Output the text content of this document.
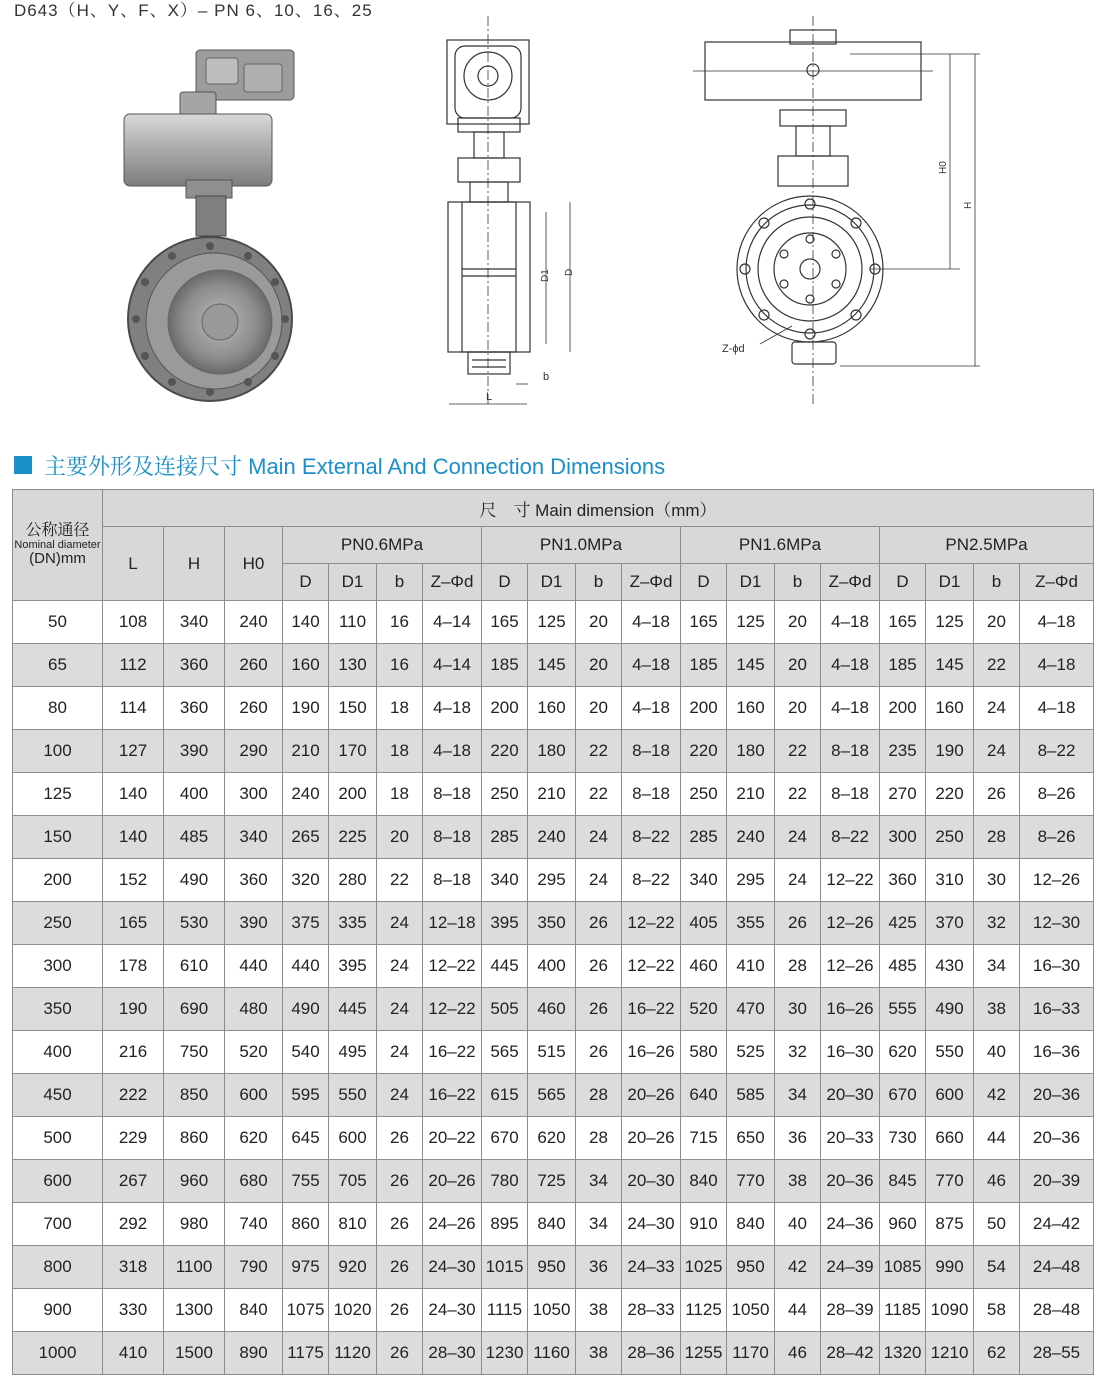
D643（H、Y、F、X）– PN 6、10、16、25
D1 D
b
L
H0
H
Z-ϕd
主要外形及连接尺寸 Main External And Connection Dimensions
公称通径
Nominal diameter
(DN)mm	尺　寸 Main dimension（mm）																		
	L	H	H0	PN0.6MPa				PN1.0MPa				PN1.6MPa				PN2.5MPa			
				D	D1	b	Z–Φd	D	D1	b	Z–Φd	D	D1	b	Z–Φd	D	D1	b	Z–Φd
50	108	340	240	140	110	16	4–14	165	125	20	4–18	165	125	20	4–18	165	125	20	4–18
65	112	360	260	160	130	16	4–14	185	145	20	4–18	185	145	20	4–18	185	145	22	4–18
80	114	360	260	190	150	18	4–18	200	160	20	4–18	200	160	20	4–18	200	160	24	4–18
100	127	390	290	210	170	18	4–18	220	180	22	8–18	220	180	22	8–18	235	190	24	8–22
125	140	400	300	240	200	18	8–18	250	210	22	8–18	250	210	22	8–18	270	220	26	8–26
150	140	485	340	265	225	20	8–18	285	240	24	8–22	285	240	24	8–22	300	250	28	8–26
200	152	490	360	320	280	22	8–18	340	295	24	8–22	340	295	24	12–22	360	310	30	12–26
250	165	530	390	375	335	24	12–18	395	350	26	12–22	405	355	26	12–26	425	370	32	12–30
300	178	610	440	440	395	24	12–22	445	400	26	12–22	460	410	28	12–26	485	430	34	16–30
350	190	690	480	490	445	24	12–22	505	460	26	16–22	520	470	30	16–26	555	490	38	16–33
400	216	750	520	540	495	24	16–22	565	515	26	16–26	580	525	32	16–30	620	550	40	16–36
450	222	850	600	595	550	24	16–22	615	565	28	20–26	640	585	34	20–30	670	600	42	20–36
500	229	860	620	645	600	26	20–22	670	620	28	20–26	715	650	36	20–33	730	660	44	20–36
600	267	960	680	755	705	26	20–26	780	725	34	20–30	840	770	38	20–36	845	770	46	20–39
700	292	980	740	860	810	26	24–26	895	840	34	24–30	910	840	40	24–36	960	875	50	24–42
800	318	1100	790	975	920	26	24–30	1015	950	36	24–33	1025	950	42	24–39	1085	990	54	24–48
900	330	1300	840	1075	1020	26	24–30	1115	1050	38	28–33	1125	1050	44	28–39	1185	1090	58	28–48
1000	410	1500	890	1175	1120	26	28–30	1230	1160	38	28–36	1255	1170	46	28–42	1320	1210	62	28–55
